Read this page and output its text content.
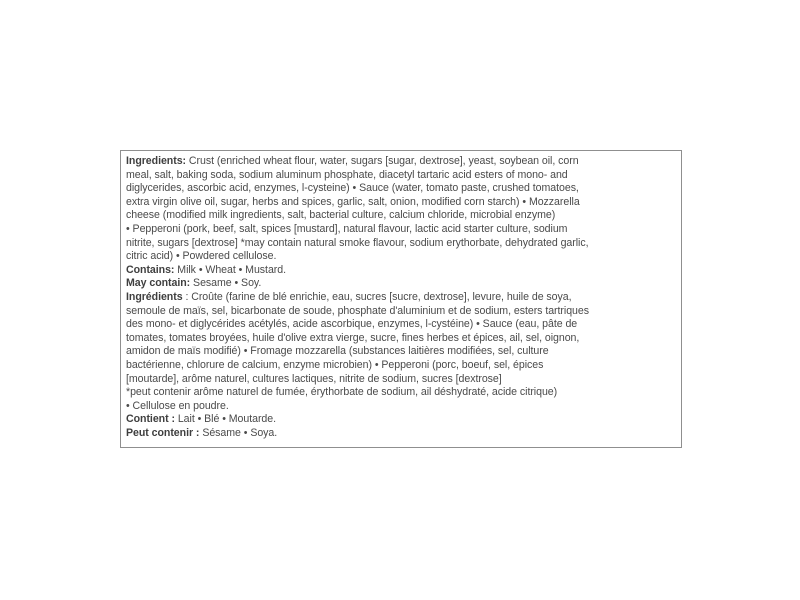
Ingredients: Crust (enriched wheat flour, water, sugars [sugar, dextrose], yeast, soybean oil, corn

meal, salt, baking soda, sodium aluminum phosphate, diacetyl tartaric acid esters of mono- and

diglycerides, ascorbic acid, enzymes, l-cysteine) • Sauce (water, tomato paste, crushed tomatoes,

extra virgin olive oil, sugar, herbs and spices, garlic, salt, onion, modified corn starch) • Mozzarella

cheese (modified milk ingredients, salt, bacterial culture, calcium chloride, microbial enzyme)

• Pepperoni (pork, beef, salt, spices [mustard], natural flavour, lactic acid starter culture, sodium

nitrite, sugars [dextrose] *may contain natural smoke flavour, sodium erythorbate, dehydrated garlic,

citric acid) • Powdered cellulose.

Contains: Milk • Wheat • Mustard.

May contain: Sesame • Soy.

Ingrédients : Croûte (farine de blé enrichie, eau, sucres [sucre, dextrose], levure, huile de soya,

semoule de maïs, sel, bicarbonate de soude, phosphate d'aluminium et de sodium, esters tartriques

des mono- et diglycérides acétylés, acide ascorbique, enzymes, l-cystéine) • Sauce (eau, pâte de

tomates, tomates broyées, huile d'olive extra vierge, sucre, fines herbes et épices, ail, sel, oignon,

amidon de maïs modifié) • Fromage mozzarella (substances laitières modifiées, sel, culture

bactérienne, chlorure de calcium, enzyme microbien) • Pepperoni (porc, boeuf, sel, épices

[moutarde], arôme naturel, cultures lactiques, nitrite de sodium, sucres [dextrose]

*peut contenir arôme naturel de fumée, érythorbate de sodium, ail déshydraté, acide citrique)

• Cellulose en poudre.

Contient : Lait • Blé • Moutarde.

Peut contenir : Sésame • Soya.
